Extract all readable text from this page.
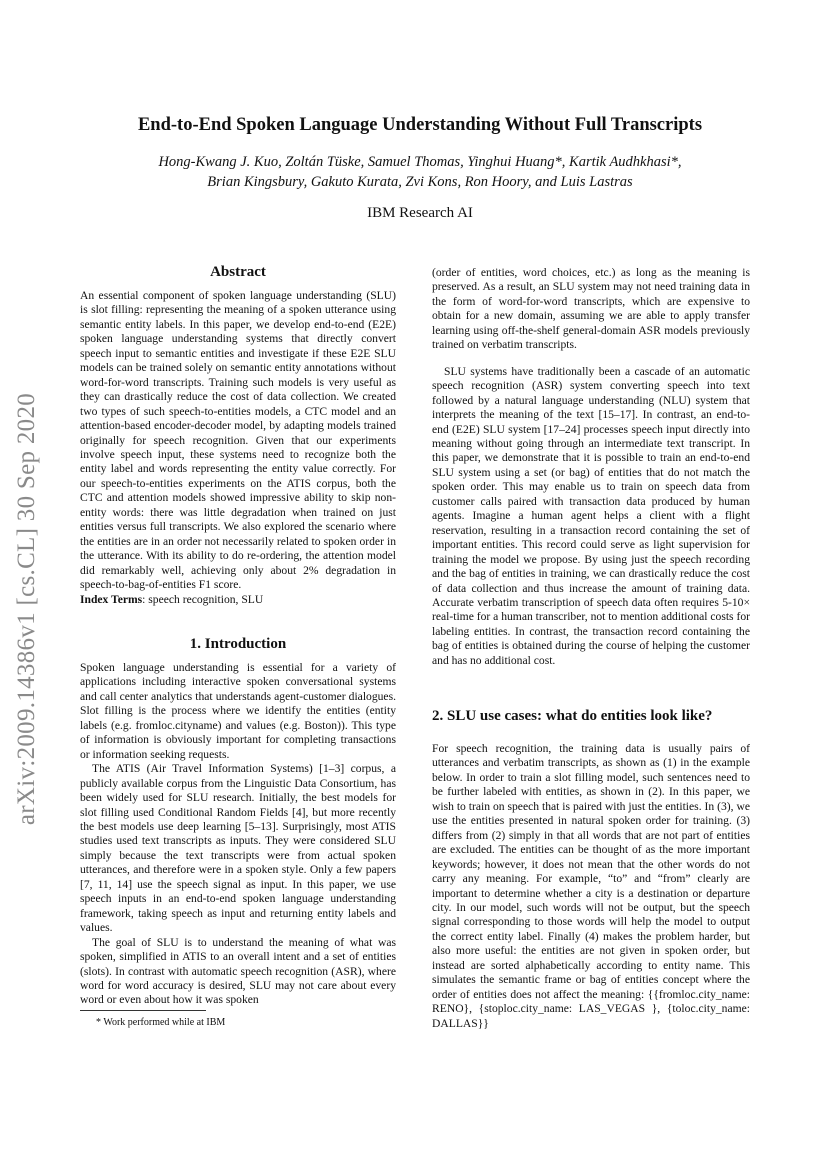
arXiv:2009.14386v1 [cs.CL] 30 Sep 2020
End-to-End Spoken Language Understanding Without Full Transcripts
Hong-Kwang J. Kuo, Zoltán Tüske, Samuel Thomas, Yinghui Huang*, Kartik Audhkhasi*,
Brian Kingsbury, Gakuto Kurata, Zvi Kons, Ron Hoory, and Luis Lastras
IBM Research AI
Abstract

An essential component of spoken language understanding (SLU) is slot filling: representing the meaning of a spoken utterance using semantic entity labels. In this paper, we develop end-to-end (E2E) spoken language understanding systems that directly convert speech input to semantic entities and investigate if these E2E SLU models can be trained solely on semantic entity annotations without word-for-word transcripts. Training such models is very useful as they can drastically reduce the cost of data collection. We created two types of such speech-to-entities models, a CTC model and an attention-based encoder-decoder model, by adapting models trained originally for speech recognition. Given that our experiments involve speech input, these systems need to recognize both the entity label and words representing the entity value correctly. For our speech-to-entities experiments on the ATIS corpus, both the CTC and attention models showed impressive ability to skip non-entity words: there was little degradation when trained on just entities versus full transcripts. We also explored the scenario where the entities are in an order not necessarily related to spoken order in the utterance. With its ability to do re-ordering, the attention model did remarkably well, achieving only about 2% degradation in speech-to-bag-of-entities F1 score.

Index Terms: speech recognition, SLU

1. Introduction

Spoken language understanding is essential for a variety of applications including interactive spoken conversational systems and call center analytics that understands agent-customer dialogues. Slot filling is the process where we identify the entities (entity labels (e.g. fromloc.cityname) and values (e.g. Boston)). This type of information is obviously important for completing transactions or information seeking requests.

The ATIS (Air Travel Information Systems) [1–3] corpus, a publicly available corpus from the Linguistic Data Consortium, has been widely used for SLU research. Initially, the best models for slot filling used Conditional Random Fields [4], but more recently the best models use deep learning [5–13]. Surprisingly, most ATIS studies used text transcripts as inputs. They were considered SLU simply because the text transcripts were from actual spoken utterances, and therefore were in a spoken style. Only a few papers [7, 11, 14] use the speech signal as input. In this paper, we use speech inputs in an end-to-end spoken language understanding framework, taking speech as input and returning entity labels and values.

The goal of SLU is to understand the meaning of what was spoken, simplified in ATIS to an overall intent and a set of entities (slots). In contrast with automatic speech recognition (ASR), where word for word accuracy is desired, SLU may not care about every word or even about how it was spoken

* Work performed while at IBM

(order of entities, word choices, etc.) as long as the meaning is preserved. As a result, an SLU system may not need training data in the form of word-for-word transcripts, which are expensive to obtain for a new domain, assuming we are able to apply transfer learning using off-the-shelf general-domain ASR models previously trained on verbatim transcripts.

SLU systems have traditionally been a cascade of an automatic speech recognition (ASR) system converting speech into text followed by a natural language understanding (NLU) system that interprets the meaning of the text [15–17]. In contrast, an end-to-end (E2E) SLU system [17–24] processes speech input directly into meaning without going through an intermediate text transcript. In this paper, we demonstrate that it is possible to train an end-to-end SLU system using a set (or bag) of entities that do not match the spoken order. This may enable us to train on speech data from customer calls paired with transaction data produced by human agents. Imagine a human agent helps a client with a flight reservation, resulting in a transaction record containing the set of important entities. This record could serve as light supervision for training the model we propose. By using just the speech recording and the bag of entities in training, we can drastically reduce the cost of data collection and thus increase the amount of training data. Accurate verbatim transcription of speech data often requires 5-10× real-time for a human transcriber, not to mention additional costs for labeling entities. In contrast, the transaction record containing the bag of entities is obtained during the course of helping the customer and has no additional cost.

2. SLU use cases: what do entities look like?

For speech recognition, the training data is usually pairs of utterances and verbatim transcripts, as shown as (1) in the example below. In order to train a slot filling model, such sentences need to be further labeled with entities, as shown in (2). In this paper, we wish to train on speech that is paired with just the entities. In (3), we use the entities presented in natural spoken order for training. (3) differs from (2) simply in that all words that are not part of entities are excluded. The entities can be thought of as the more important keywords; however, it does not mean that the other words do not carry any meaning. For example, “to” and “from” clearly are important to determine whether a city is a destination or departure city. In our model, such words will not be output, but the speech signal corresponding to those words will help the model to output the correct entity label. Finally (4) makes the problem harder, but also more useful: the entities are not given in spoken order, but instead are sorted alphabetically according to entity name. This simulates the semantic frame or bag of entities concept where the order of entities does not affect the meaning: {{fromloc.city_name: RENO}, {stoploc.city_name: LAS_VEGAS }, {toloc.city_name: DALLAS}}
